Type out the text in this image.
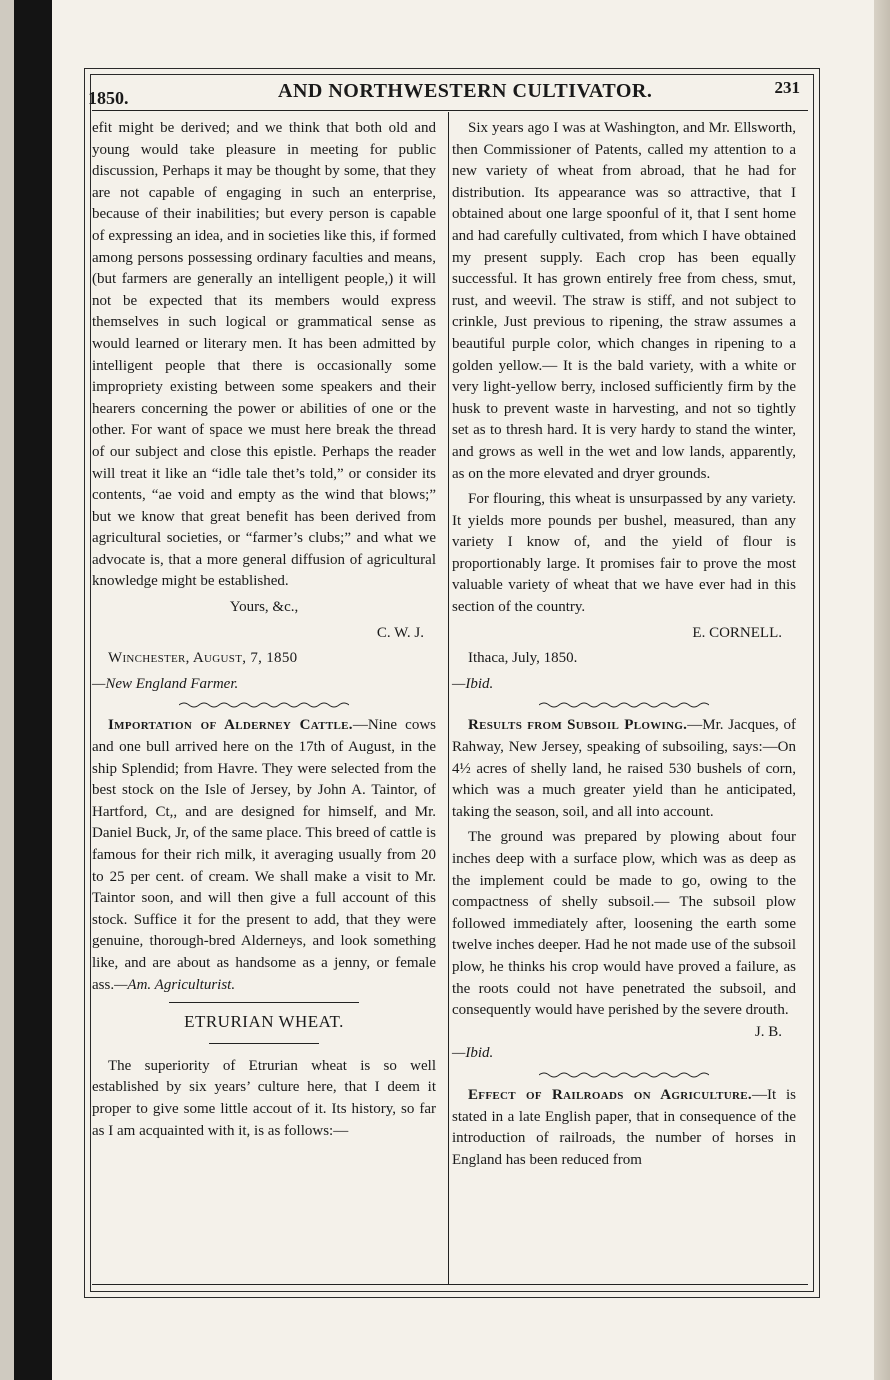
1850.	AND NORTHWESTERN CULTIVATOR.	231

efit might be derived; and we think that both old and young would take pleasure in meeting for public discussion, Perhaps it may be thought by some, that they are not capable of engaging in such an enterprise, because of their inabilities; but every person is capable of expressing an idea, and in societies like this, if formed among persons possessing ordinary faculties and means, (but farmers are generally an intelligent people,) it will not be expected that its members would express themselves in such logical or grammatical sense as would learned or literary men. It has been admitted by intelligent people that there is occasionally some impropriety existing between some speakers and their hearers concerning the power or abilities of one or the other. For want of space we must here break the thread of our subject and close this epistle. Perhaps the reader will treat it like an “idle tale thet’s told,” or consider its contents, “ae void and empty as the wind that blows;” but we know that great benefit has been derived from agricultural societies, or “farmer’s clubs;” and what we advocate is, that a more general diffusion of agricultural knowledge might be established.

Yours, &c.,

C. W. J.

Winchester, August, 7, 1850

—New England Farmer.

Importation of Alderney Cattle.—Nine cows and one bull arrived here on the 17th of August, in the ship Splendid; from Havre. They were selected from the best stock on the Isle of Jersey, by John A. Taintor, of Hartford, Ct,, and are designed for himself, and Mr. Daniel Buck, Jr, of the same place. This breed of cattle is famous for their rich milk, it averaging usually from 20 to 25 per cent. of cream. We shall make a visit to Mr. Taintor soon, and will then give a full account of this stock. Suffice it for the present to add, that they were genuine, thorough-bred Alderneys, and look something like, and are about as handsome as a jenny, or female ass.—Am. Agriculturist.

ETRURIAN WHEAT.

The superiority of Etrurian wheat is so well established by six years’ culture here, that I deem it proper to give some little accout of it. Its history, so far as I am acquainted with it, is as follows:—

Six years ago I was at Washington, and Mr. Ellsworth, then Commissioner of Patents, called my attention to a new variety of wheat from abroad, that he had for distribution. Its appearance was so attractive, that I obtained about one large spoonful of it, that I sent home and had carefully cultivated, from which I have obtained my present supply. Each crop has been equally successful. It has grown entirely free from chess, smut, rust, and weevil. The straw is stiff, and not subject to crinkle, Just previous to ripening, the straw assumes a beautiful purple color, which changes in ripening to a golden yellow.— It is the bald variety, with a white or very light-yellow berry, inclosed sufficiently firm by the husk to prevent waste in harvesting, and not so tightly set as to thresh hard. It is very hardy to stand the winter, and grows as well in the wet and low lands, apparently, as on the more elevated and dryer grounds.

For flouring, this wheat is unsurpassed by any variety. It yields more pounds per bushel, measured, than any variety I know of, and the yield of flour is proportionably large. It promises fair to prove the most valuable variety of wheat that we have ever had in this section of the country.

E. CORNELL.

Ithaca, July, 1850.

—Ibid.

Results from Subsoil Plowing.—Mr. Jacques, of Rahway, New Jersey, speaking of subsoiling, says:—On 4½ acres of shelly land, he raised 530 bushels of corn, which was a much greater yield than he anticipated, taking the season, soil, and all into account.

The ground was prepared by plowing about four inches deep with a surface plow, which was as deep as the implement could be made to go, owing to the compactness of shelly subsoil.— The subsoil plow followed immediately after, loosening the earth some twelve inches deeper. Had he not made use of the subsoil plow, he thinks his crop would have proved a failure, as the roots could not have penetrated the subsoil, and consequently would have perished by the severe drouth.
J. B.

—Ibid.

Effect of Railroads on Agriculture.—It is stated in a late English paper, that in consequence of the introduction of railroads, the number of horses in England has been reduced from
